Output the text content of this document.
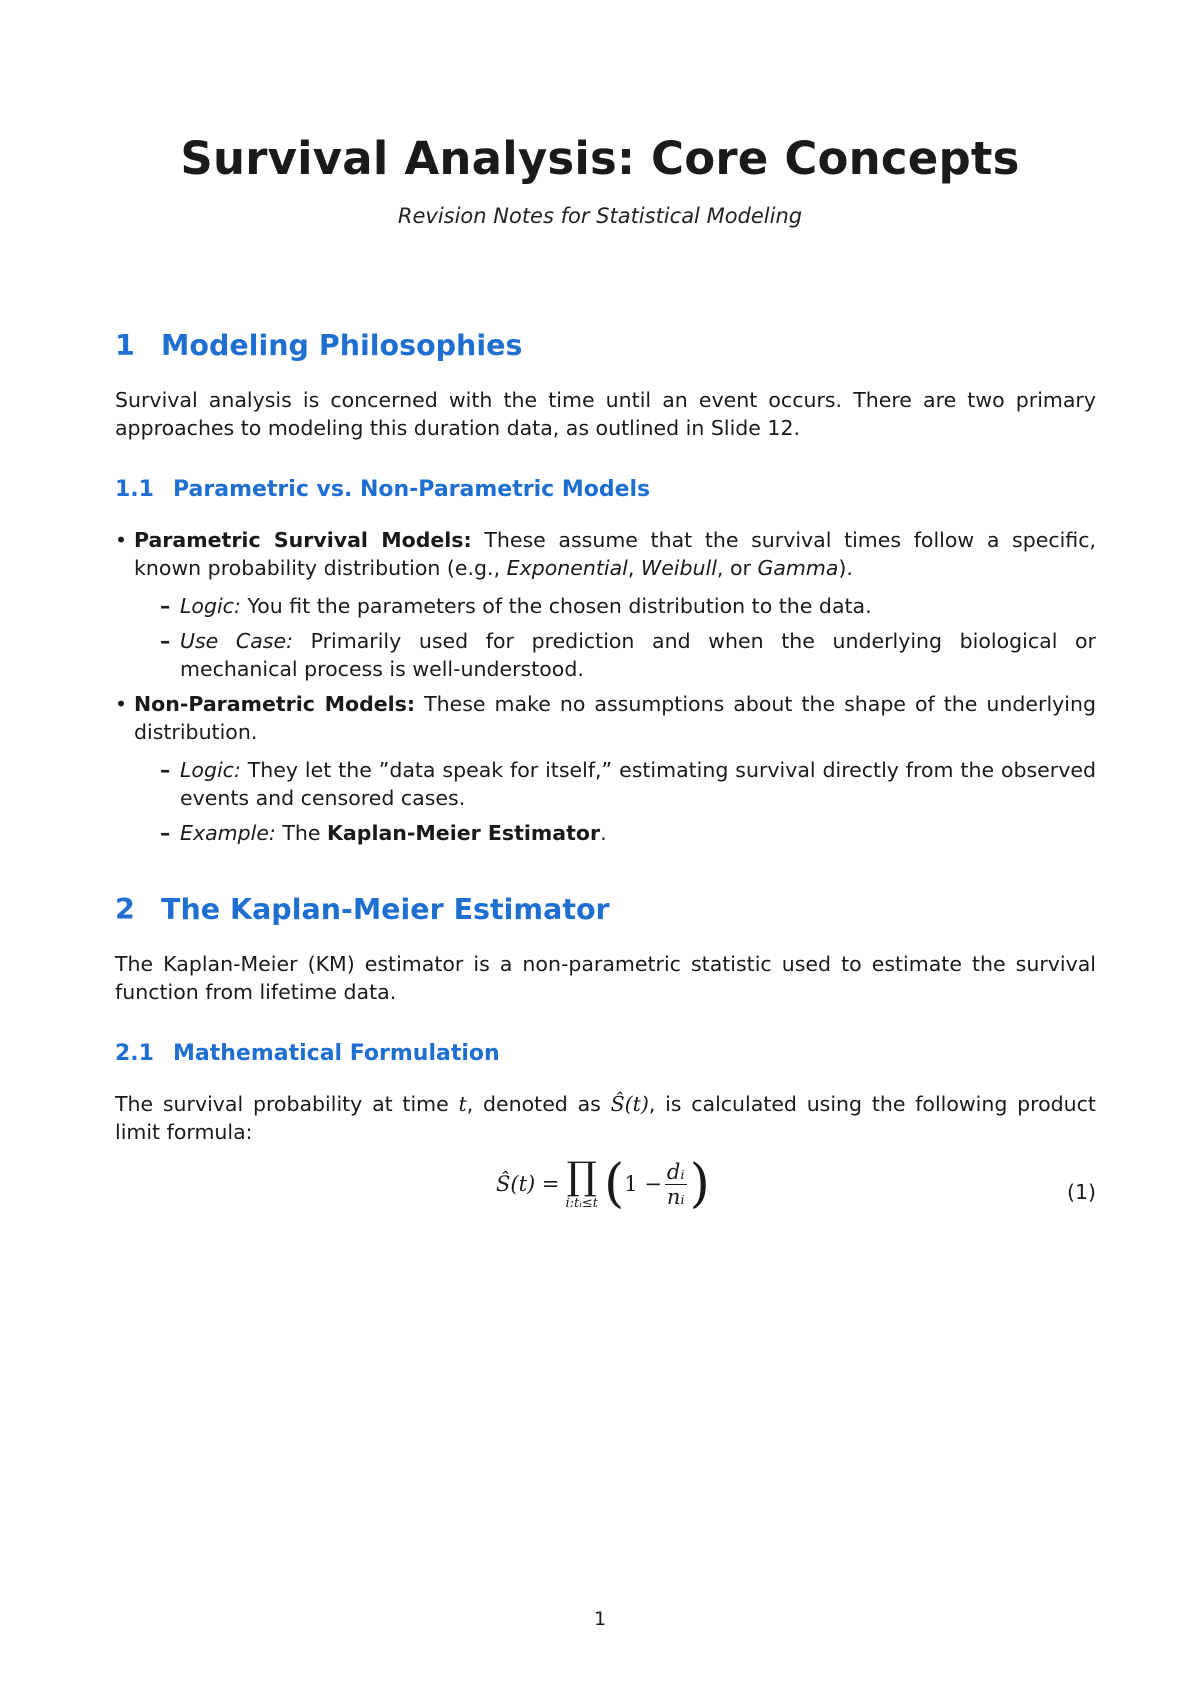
Survival Analysis: Core Concepts
Revision Notes for Statistical Modeling
1 Modeling Philosophies

Survival analysis is concerned with the time until an event occurs. There are two primary approaches to modeling this duration data, as outlined in Slide 12.

1.1 Parametric vs. Non-Parametric Models
• Parametric Survival Models: These assume that the survival times follow a specific, known probability distribution (e.g., Exponential, Weibull, or Gamma).
– Logic: You fit the parameters of the chosen distribution to the data.
– Use Case: Primarily used for prediction and when the underlying biological or mechanical process is well-understood.
• Non-Parametric Models: These make no assumptions about the shape of the underlying distribution.
– Logic: They let the ”data speak for itself,” estimating survival directly from the observed events and censored cases.
– Example: The Kaplan-Meier Estimator.
2 The Kaplan-Meier Estimator

The Kaplan-Meier (KM) estimator is a non-parametric statistic used to estimate the survival function from lifetime data.

2.1 Mathematical Formulation

The survival probability at time t, denoted as Ŝ(t), is calculated using the following product limit formula:

Ŝ(t) = ∏
i:tᵢ≤t ( $1 - \frac{\text{dᵢ}}{\text{nᵢ}}$ )	(1)
1
